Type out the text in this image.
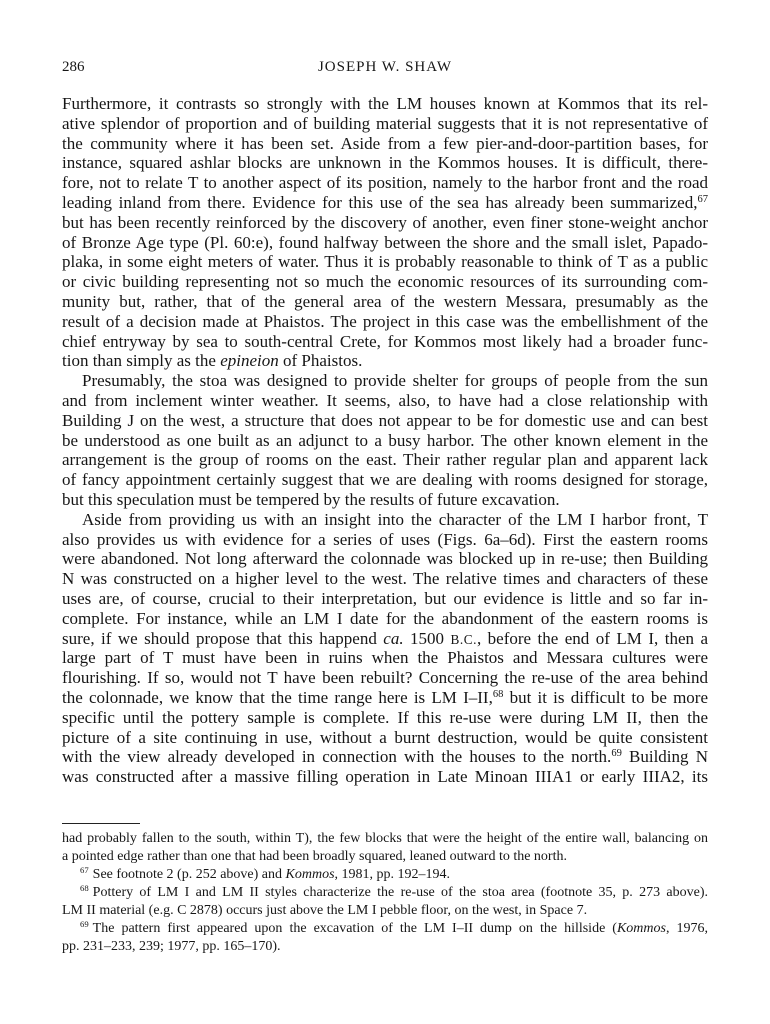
286	JOSEPH W. SHAW
Furthermore, it contrasts so strongly with the LM houses known at Kommos that its rel-
ative splendor of proportion and of building material suggests that it is not representative of
the community where it has been set. Aside from a few pier-and-door-partition bases, for
instance, squared ashlar blocks are unknown in the Kommos houses. It is difficult, there-
fore, not to relate T to another aspect of its position, namely to the harbor front and the road
leading inland from there. Evidence for this use of the sea has already been summarized,$^{67}$
but has been recently reinforced by the discovery of another, even finer stone-weight anchor
of Bronze Age type (Pl. 60:e), found halfway between the shore and the small islet, Papado-
plaka, in some eight meters of water. Thus it is probably reasonable to think of T as a public
or civic building representing not so much the economic resources of its surrounding com-
munity but, rather, that of the general area of the western Messara, presumably as the
result of a decision made at Phaistos. The project in this case was the embellishment of the
chief entryway by sea to south-central Crete, for Kommos most likely had a broader func-
tion than simply as the epineion of Phaistos.
Presumably, the stoa was designed to provide shelter for groups of people from the sun
and from inclement winter weather. It seems, also, to have had a close relationship with
Building J on the west, a structure that does not appear to be for domestic use and can best
be understood as one built as an adjunct to a busy harbor. The other known element in the
arrangement is the group of rooms on the east. Their rather regular plan and apparent lack
of fancy appointment certainly suggest that we are dealing with rooms designed for storage,
but this speculation must be tempered by the results of future excavation.
Aside from providing us with an insight into the character of the LM I harbor front, T
also provides us with evidence for a series of uses (Figs. 6a–6d). First the eastern rooms
were abandoned. Not long afterward the colonnade was blocked up in re-use; then Building
N was constructed on a higher level to the west. The relative times and characters of these
uses are, of course, crucial to their interpretation, but our evidence is little and so far in-
complete. For instance, while an LM I date for the abandonment of the eastern rooms is
sure, if we should propose that this happend ca. 1500 B.C., before the end of LM I, then a
large part of T must have been in ruins when the Phaistos and Messara cultures were
flourishing. If so, would not T have been rebuilt? Concerning the re-use of the area behind
the colonnade, we know that the time range here is LM I–II,$^{68}$ but it is difficult to be more
specific until the pottery sample is complete. If this re-use were during LM II, then the
picture of a site continuing in use, without a burnt destruction, would be quite consistent
with the view already developed in connection with the houses to the north.$^{69}$ Building N
was constructed after a massive filling operation in Late Minoan IIIA1 or early IIIA2, its
had probably fallen to the south, within T), the few blocks that were the height of the entire wall, balancing on
a pointed edge rather than one that had been broadly squared, leaned outward to the north.
$^{67}$ See footnote 2 (p. 252 above) and Kommos, 1981, pp. 192–194.
$^{68}$ Pottery of LM I and LM II styles characterize the re-use of the stoa area (footnote 35, p. 273 above).
LM II material (e.g. C 2878) occurs just above the LM I pebble floor, on the west, in Space 7.
$^{69}$ The pattern first appeared upon the excavation of the LM I–II dump on the hillside (Kommos, 1976,
pp. 231–233, 239; 1977, pp. 165–170).
